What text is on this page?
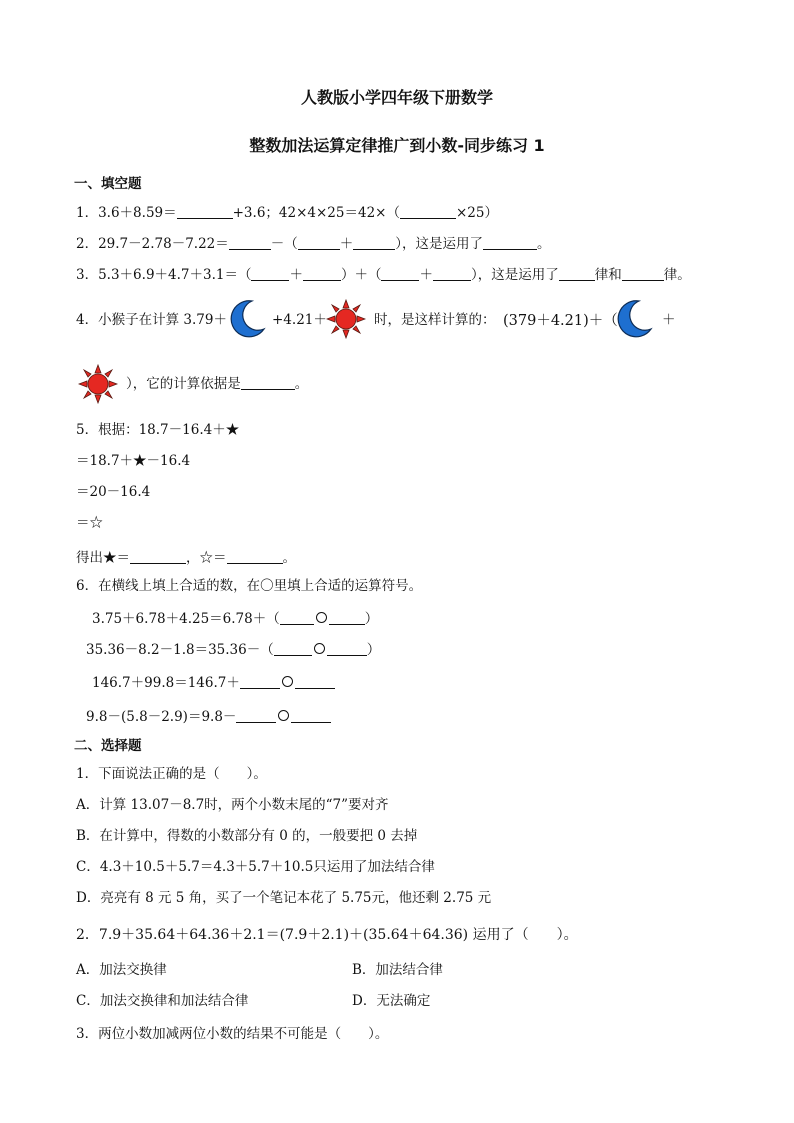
人教版小学四年级下册数学
整数加法运算定律推广到小数-同步练习 1
一、填空题
1．3.6＋8.59＝	+3.6；42×4×25＝42×（	×25）
2．29.7－2.78－7.22＝	－（	＋	），这是运用了	。
3．5.3＋6.9＋4.7＋3.1＝（	＋	）＋（	＋	），这是运用了	律和	律。
4．小猴子在计算 3.79＋	+4.21＋	时，是这样计算的： (379＋4.21)＋（	＋
），它的计算依据是	。
5．根据：18.7－16.4＋★
＝18.7＋★－16.4
＝20－16.4
＝☆
得出★＝	，☆＝	。
6．在横线上填上合适的数，在〇里填上合适的运算符号。
3.75＋6.78＋4.25＝6.78＋（	）
35.36－8.2－1.8＝35.36－（	）
146.7＋99.8＝146.7＋
9.8－(5.8－2.9)＝9.8－
二、选择题
1．下面说法正确的是（　　）。
A．计算 13.07－8.7时，两个小数末尾的“7”要对齐
B．在计算中，得数的小数部分有 0 的，一般要把 0 去掉
C．4.3＋10.5＋5.7＝4.3＋5.7＋10.5只运用了加法结合律
D．亮亮有 8 元 5 角，买了一个笔记本花了 5.75元，他还剩 2.75 元
2．7.9＋35.64＋64.36＋2.1＝(7.9＋2.1)＋(35.64＋64.36) 运用了（　　）。
A．加法交换律	B．加法结合律
C．加法交换律和加法结合律	D．无法确定
3．两位小数加减两位小数的结果不可能是（　　）。
